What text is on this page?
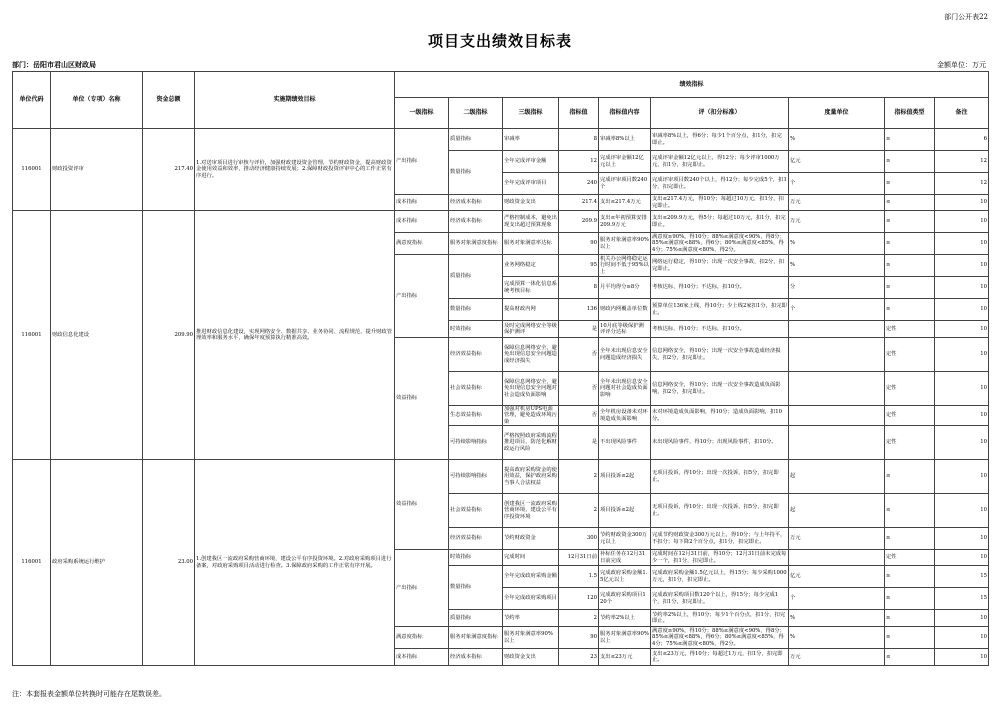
部门公开表22
项目支出绩效目标表
部门：岳阳市君山区财政局	金额单位：万元
单位代码	单位（专项）名称	资金总额	实施期绩效目标	绩效指标								
				一级指标	二级指标	三级指标	指标值	指标值内容	评（扣分标准）	度量单位	指标值类型	备注
116001	财政投资评审	217.40	1.对送审项目进行审核与评价，加强财政建设资金管理，节约财政资金，提高财政资金使用效益和效率，推动经济健康持续发展；2.保障财政投资评审中心的工作正常有序进行。	产出指标	质量指标	审减率	8	审减率8%以上	审减率8%以上，得6分；每少1个百分点，扣1分，扣完即止。	%	≥	6
					数量指标	全年完成评审金额	12	完成评审金额12亿元以上	完成评审金额12亿元以上，得12分；每少评审1000万元，扣1分，扣完即止。	亿元	≥	12
						全年完成评审项目	240	完成评审项目数240个	完成评审项目数240个以上，得12分；每少完成5个，扣1分，扣完即止。	个	≥	12
				成本指标	经济成本指标	财政资金支出	217.4	支出≤217.4万元	支出≤217.4万元，得10分；每超过10万元，扣1分，扣完即止。	万元	≤	10
116001	财政信息化建设	209.90	推进财政信息化建设，实现网络安全、数据共享、业务协同、流程规范，提升财政管理效率和服务水平，确保年度预算执行精准高效。	成本指标	经济成本指标	严格控制成本，避免出现支出超过预算现象	209.9	支出≤年初预算安排209.9万元	支出≤209.9万元，得5分；每超过10万元，扣1分，扣完即止。	万元	≤	10
				满意度指标	服务对象满意度指标	服务对象满意率达标	90	服务对象满意率90%以上	满意度≥90%，得10分；88%≤满意度<90%，得8分；85%≤满意度<88%，得6分；80%≤满意度<85%，得4分；75%≤满意度<80%，得2分。	%	≥	10
				产出指标	质量指标	业务网络稳定	95	机关办公网络稳定运行时间不低于95%以上	网络运行稳定，得10分；出现一次安全事故，扣2分，扣完即止。	%	≥	10
						完成预算一体化信息系统考核目标	8	月平均得分≥8分	考核达标，得10分；不达标，扣10分。	分	≥	10
					数量指标	提高财政内网	136	财政内网覆盖单位数	预算单位136家上线，得10分；少上线2家扣1分，扣完即止。	个	≥	10
					时效指标	及时完成网络安全等级保护测评	是	10月底等级保护测评评分达标	考核达标，得10分；不达标，扣10分。		定性	10
				效益指标	经济效益指标	保障信息网络安全，避免出现信息安全问题造成经济损失	否	全年未出现信息安全问题造成经济损失	信息网络安全，得10分；出现一次安全事故造成经济损失，扣2分，扣完即止。		定性	10
					社会效益指标	保障信息网络安全，避免出现信息安全问题对社会造成负面影响	否	全年未出现信息安全问题对社会造成负面影响	信息网络安全，得10分；出现一次安全事故造成负面影响，扣2分，扣完即止。		定性	10
					生态效益指标	加强对机房UPS电源管理，避免造成环境污染	否	全年机房设备未对环境造成负面影响	未对环境造成负面影响，得10分；造成负面影响，扣10分。		定性	10
					可持续影响指标	严格按照政府采购流程推进项目，防范化解财政运行风险	是	不出现风险事件	未出现风险事件，得10分；出现风险事件，扣10分。		定性	10
116001	政府采购系统运行维护	23.00	1.创建我区一流政府采购营商环境，建设公平有序投资环境。2.对政府采购项目进行备案，对政府采购项目活动进行检查。3.保障政府采购的工作正常有序开展。	效益指标	可持续影响指标	提高政府采购资金的使用效益，保护政府采购当事人合法权益	2	项目投诉≤2起	无项目投诉，得10分；出现一次投诉，扣5分，扣完即止。	起	≤	10
					社会效益指标	创建我区一流政府采购营商环境，建设公平有序投资环境	2	项目投诉≤2起	无项目投诉，得10分；出现一次投诉，扣5分，扣完即止。	起	≤	10
					经济效益指标	节约财政资金	300	节约财政资金300万元以上	完成节约财政资金300万元以上，得10分；与上年持平，不扣分；每下降2个百分点，扣1分，扣完即止。	万元	≥	10
				产出指标	时效指标	完成时间	12月31日前	补标任务在12月31日前完成	完成时间在12月31日前，得10分；12月31日前未完成每少一个，扣1分，扣完即止。		定性	10
					数量指标	全年完成政府采购金额	1.5	完成政府采购金额1.5亿元以上	完成政府采购金额1.5亿元以上，得15分；每少采购1000万元，扣1分，扣完即止。	亿元	≥	15
						全年完成政府采购项目	120	完成政府采购项目120个	完成政府采购项目数120个以上，得15分；每少完成1个，扣1分，扣完即止。	个	≥	15
					质量指标	节约率	2	节约率2%以上	节约率2%以上，得10分；每少1个百分点，扣1分，扣完即止。	%	≥	10
				满意度指标	服务对象满意度指标	服务对象满意率90%以上	90	服务对象满意率90%以上	满意度≥90%，得10分；88%≤满意度<90%，得8分；85%≤满意度<88%，得6分；80%≤满意度<85%，得4分；75%≤满意度<80%，得2分。	%	≥	10
				成本指标	经济成本指标	财政资金支出	23	支出≤23万元	支出≤23万元，得10分；每超过1万元，扣1分，扣完即止。	万元	≤	10
注：本套报表金额单位转换时可能存在尾数误差。
